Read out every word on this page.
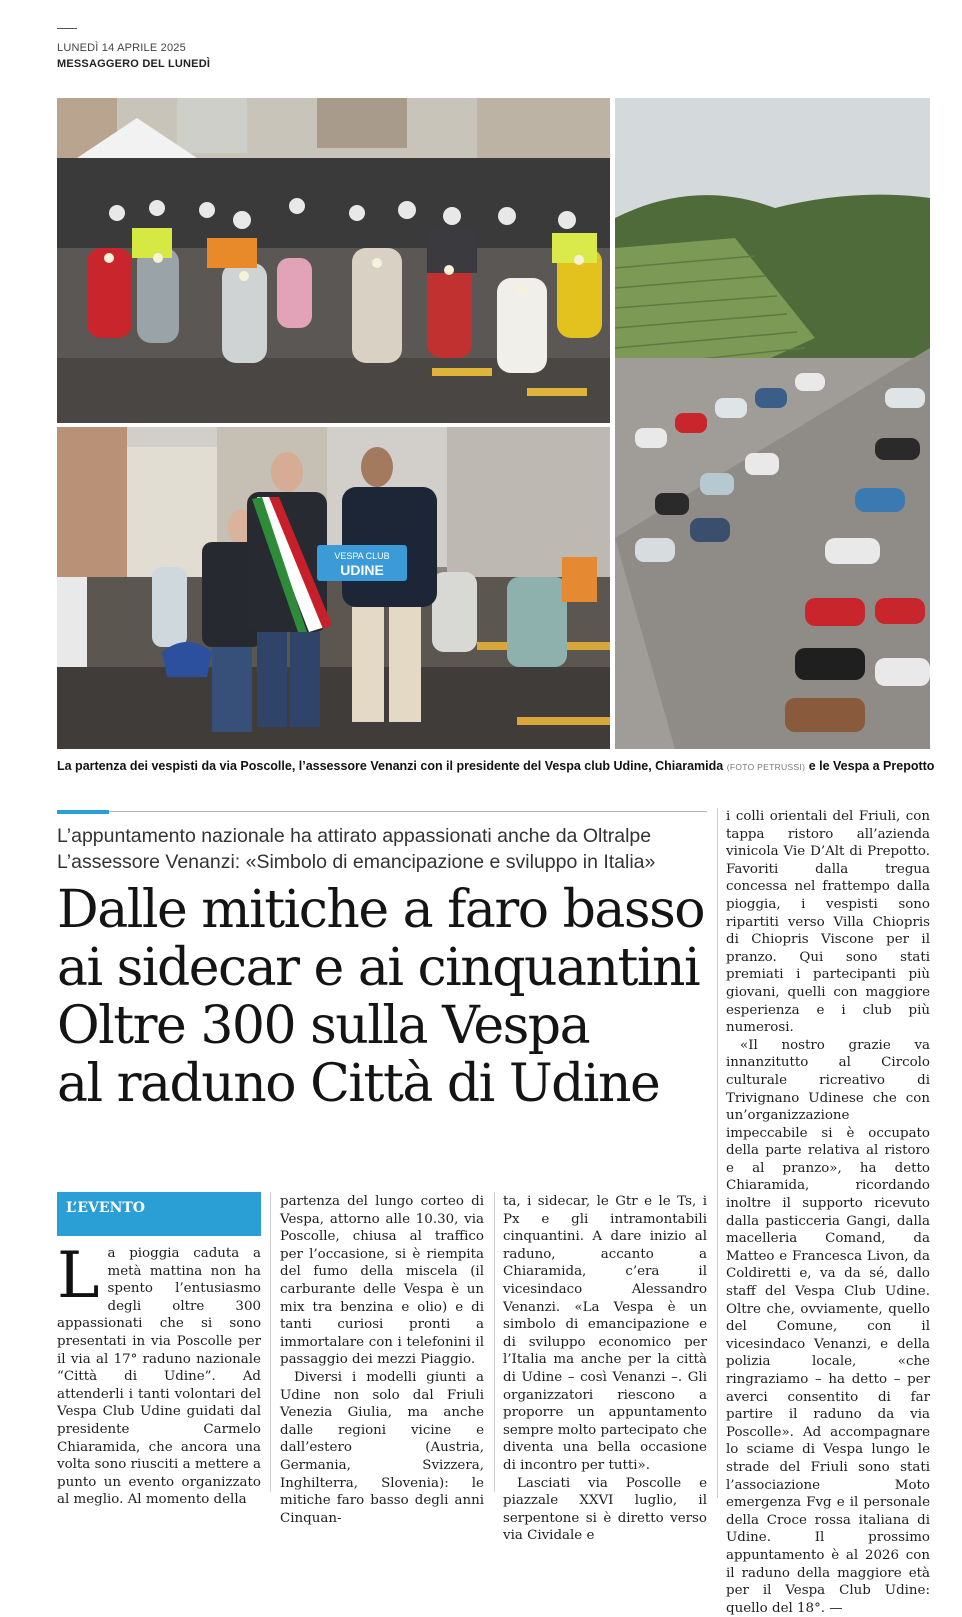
LUNEDÌ 14 APRILE 2025
MESSAGGERO DEL LUNEDÌ
VESPA CLUB
UDINE
La partenza dei vespisti da via Poscolle, l’assessore Venanzi con il presidente del Vespa club Udine, Chiaramida (FOTO PETRUSSI) e le Vespa a Prepotto
L’appuntamento nazionale ha attirato appassionati anche da Oltralpe
L’assessore Venanzi: «Simbolo di emancipazione e sviluppo in Italia»
Dalle mitiche a faro basso
ai sidecar e ai cinquantini
Oltre 300 sulla Vespa
al raduno Città di Udine
L’EVENTO

La pioggia caduta a metà mattina non ha spento l’entusiasmo degli oltre 300 appassionati che si sono presentati in via Poscolle per il via al 17° raduno nazionale “Città di Udine”. Ad attenderli i tanti volontari del Vespa Club Udine guidati dal presidente Carmelo Chiaramida, che ancora una volta sono riusciti a mettere a punto un evento organizzato al meglio. Al momento della

partenza del lungo corteo di Vespa, attorno alle 10.30, via Poscolle, chiusa al traffico per l’occasione, si è riempita del fumo della miscela (il carburante delle Vespa è un mix tra benzina e olio) e di tanti curiosi pronti a immortalare con i telefonini il passaggio dei mezzi Piaggio.

Diversi i modelli giunti a Udine non solo dal Friuli Venezia Giulia, ma anche dalle regioni vicine e dall’estero (Austria, Germania, Svizzera, Inghilterra, Slovenia): le mitiche faro basso degli anni Cinquan-

ta, i sidecar, le Gtr e le Ts, i Px e gli intramontabili cinquantini. A dare inizio al raduno, accanto a Chiaramida, c’era il vicesindaco Alessandro Venanzi. «La Vespa è un simbolo di emancipazione e di sviluppo economico per l’Italia ma anche per la città di Udine – così Venanzi –. Gli organizzatori riescono a proporre un appuntamento sempre molto partecipato che diventa una bella occasione di incontro per tutti».

Lasciati via Poscolle e piazzale XXVI luglio, il serpentone si è diretto verso via Cividale e

i colli orientali del Friuli, con tappa ristoro all’azienda vinicola Vie D’Alt di Prepotto. Favoriti dalla tregua concessa nel frattempo dalla pioggia, i vespisti sono ripartiti verso Villa Chiopris di Chiopris Viscone per il pranzo. Qui sono stati premiati i partecipanti più giovani, quelli con maggiore esperienza e i club più numerosi.

«Il nostro grazie va innanzitutto al Circolo culturale ricreativo di Trivignano Udinese che con un’organizzazione impeccabile si è occupato della parte relativa al ristoro e al pranzo», ha detto Chiaramida, ricordando inoltre il supporto ricevuto dalla pasticceria Gangi, dalla macelleria Comand, da Matteo e Francesca Livon, da Coldiretti e, va da sé, dallo staff del Vespa Club Udine. Oltre che, ovviamente, quello del Comune, con il vicesindaco Venanzi, e della polizia locale, «che ringraziamo – ha detto – per averci consentito di far partire il raduno da via Poscolle». Ad accompagnare lo sciame di Vespa lungo le strade del Friuli sono stati l’associazione Moto emergenza Fvg e il personale della Croce rossa italiana di Udine. Il prossimo appuntamento è al 2026 con il raduno della maggiore età per il Vespa Club Udine: quello del 18°. —
